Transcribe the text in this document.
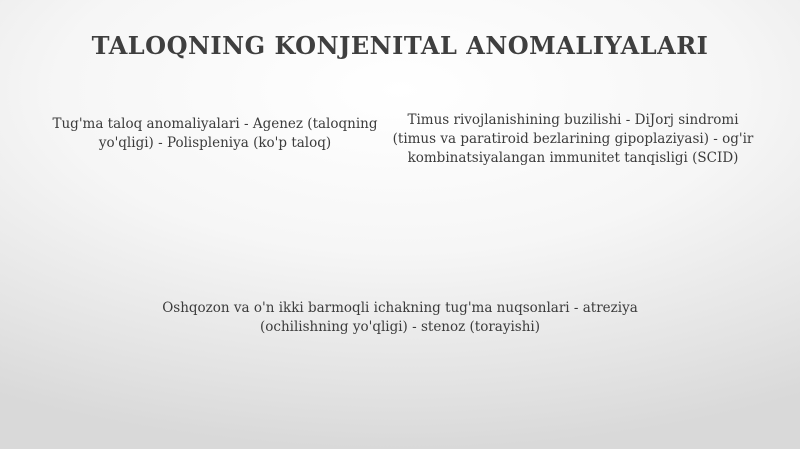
TALOQNING KONJENITAL ANOMALIYALARI
Tug'ma taloq anomaliyalari - Agenez (taloqning yo'qligi) - Polispleniya (ko'p taloq)
Timus rivojlanishining buzilishi - DiJorj sindromi (timus va paratiroid bezlarining gipoplaziyasi) - og'ir kombinatsiyalangan immunitet tanqisligi (SCID)
Oshqozon va o'n ikki barmoqli ichakning tug'ma nuqsonlari - atreziya (ochilishning yo'qligi) - stenoz (torayishi)
